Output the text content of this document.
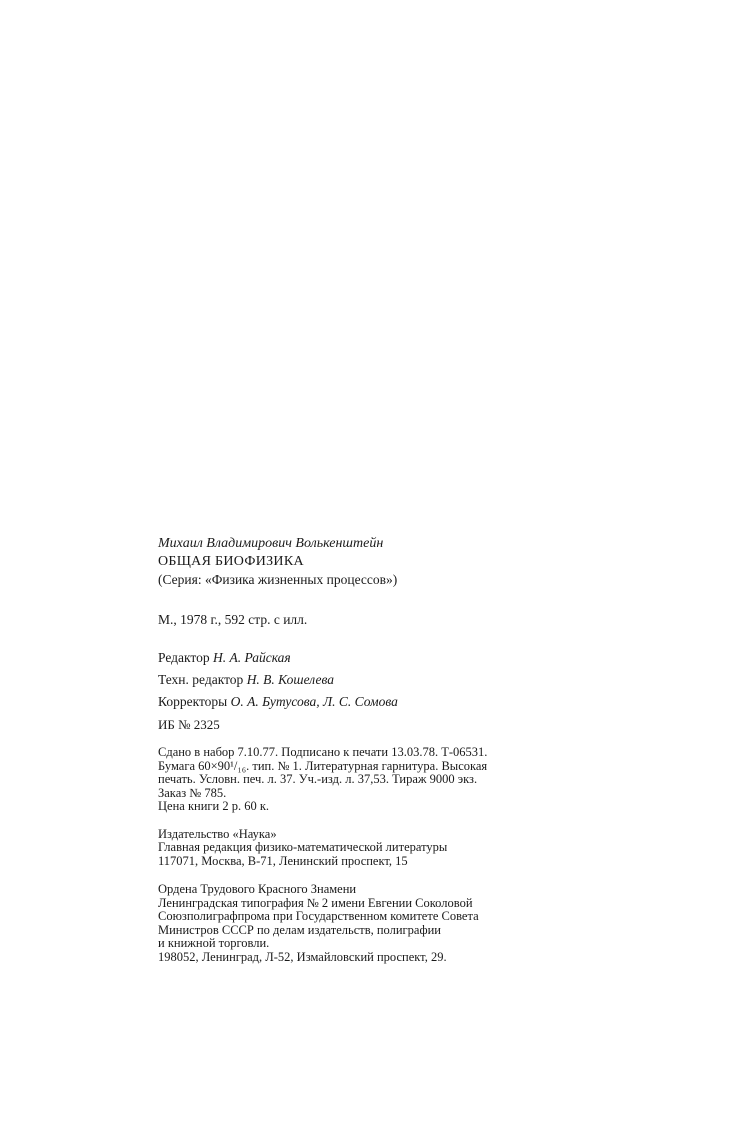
Михаил Владимирович Волькенштейн
ОБЩАЯ БИОФИЗИКА
(Серия: «Физика жизненных процессов»)
М., 1978 г., 592 стр. с илл.
Редактор Н. А. Райская
Техн. редактор Н. В. Кошелева
Корректоры О. А. Бутусова, Л. С. Сомова
ИБ № 2325
Сдано в набор 7.10.77. Подписано к печати 13.03.78. Т-06531.
Бумага 60×90¹/₁₆. тип. № 1. Литературная гарнитура. Высокая
печать. Условн. печ. л. 37. Уч.-изд. л. 37,53. Тираж 9000 экз.
Заказ № 785.
Цена книги 2 р. 60 к.
Издательство «Наука»
Главная редакция физико-математической литературы
117071, Москва, В-71, Ленинский проспект, 15
Ордена Трудового Красного Знамени
Ленинградская типография № 2 имени Евгении Соколовой
Союзполиграфпрома при Государственном комитете Совета
Министров СССР по делам издательств, полиграфии
и книжной торговли.
198052, Ленинград, Л-52, Измайловский проспект, 29.
